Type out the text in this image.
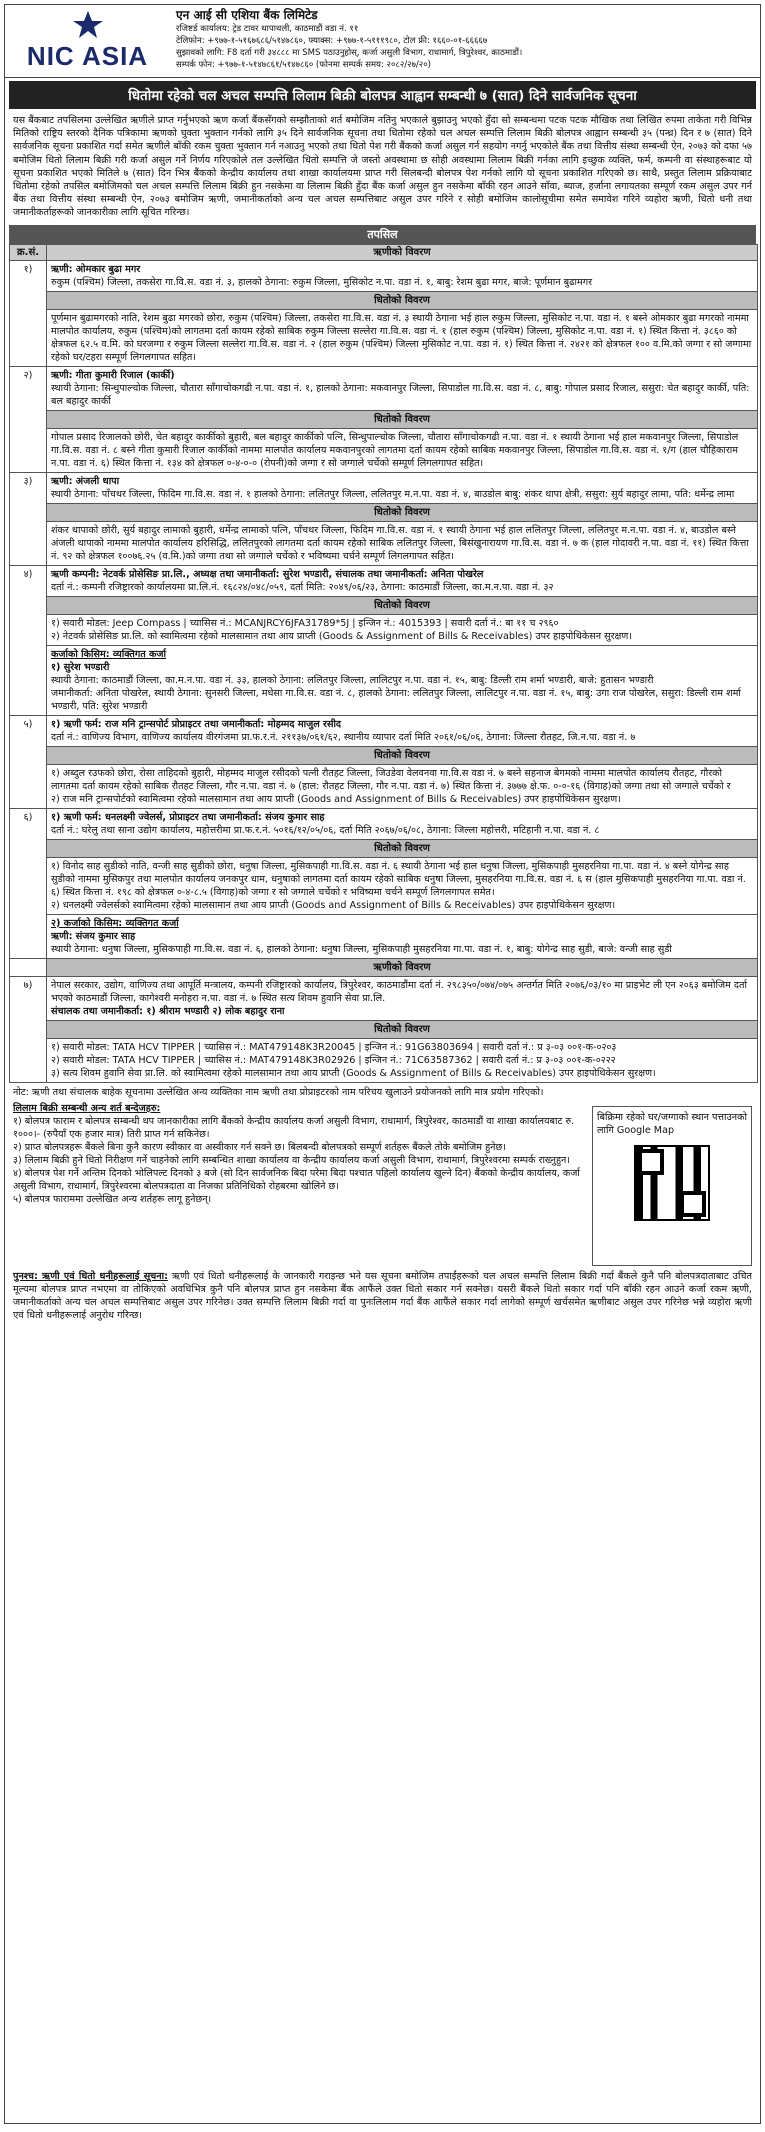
NIC ASIA
एन आई सी एशिया बैंक लिमिटेड
रजिष्टर्ड कार्यालय: ट्रेड टावर थापाथली, काठमाडौं वडा नं. ११
टेलिफोन: +९७७-१-५१६७६८६/५१४७८६०, फ्याक्स: +९७७-१-५१११९८०, टोल फ्री: १६६०-०१-६६६६७
सुझावको लागि: F8 दर्ता गरी ३४८८८ मा SMS पठाउनुहोस्, कर्जा असुली विभाग, राधामार्ग, त्रिपुरेश्वर, काठमाडौं।
सम्पर्क फोन: +९७७-१-५१४७८६१/५१४७८६० (फोनमा सम्पर्क समय: २०८२/२७/२०)
धितोमा रहेको चल अचल सम्पत्ति लिलाम बिक्री बोलपत्र आह्वान सम्बन्धी ७ (सात) दिने सार्वजनिक सूचना
यस बैंकबाट तपसिलमा उल्लेखित ऋणीले प्राप्त गर्नुभएको ऋण कर्जा बैंकसँगको सम्झौताको शर्त बमोजिम नतिनु भएकाले बुझाउनु भएको हुँदा सो सम्बन्धमा पटक पटक मौखिक तथा लिखित रुपमा ताकेता गरी विभिन्न मितिको राष्ट्रिय स्तरको दैनिक पत्रिकामा ऋणको चुक्ता भुक्तान गर्नको लागि ३५ दिने सार्वजनिक सूचना तथा धितोमा रहेको चल अचल सम्पत्ति लिलाम बिक्री बोलपत्र आह्वान सम्बन्धी ३५ (पन्ध्र) दिन र ७ (सात) दिने सार्वजनिक सूचना प्रकाशित गर्दा समेत ऋणीले बाँकी रकम चुक्ता भुक्तान गर्न नआउनु भएको तथा धितो पेश गरी बैंकको कर्जा असुल गर्न सहयोग नगर्नु भएकोले बैंक तथा वित्तीय संस्था सम्बन्धी ऐन, २०७३ को दफा ५७ बमोजिम धितो लिलाम बिक्री गरी कर्जा असुल गर्ने निर्णय गरिएकोले तल उल्लेखित धितो सम्पत्ति जे जस्तो अवस्थामा छ सोही अवस्थामा लिलाम बिक्री गर्नका लागि इच्छुक व्यक्ति, फर्म, कम्पनी वा संस्थाहरूबाट यो सूचना प्रकाशित भएको मितिले ७ (सात) दिन भित्र बैंकको केन्द्रीय कार्यालय तथा शाखा कार्यालयमा प्राप्त गरी सिलबन्दी बोलपत्र पेश गर्नको लागि यो सूचना प्रकाशित गरिएको छ। साथै, प्रस्तुत लिलाम प्रक्रियाबाट धितोमा रहेको तपसिल बमोजिमको चल अचल सम्पत्ति लिलाम बिक्री हुन नसकेमा वा लिलाम बिक्री हुँदा बैंक कर्जा असुल हुन नसकेमा बाँकी रहन आउने साँवा, ब्याज, हर्जाना लगायतका सम्पूर्ण रकम असुल उपर गर्न बैंक तथा वित्तीय संस्था सम्बन्धी ऐन, २०७३ बमोजिम ऋणी, जमानीकर्ताको अन्य चल अचल सम्पत्तिबाट असुल उपर गरिने र सोही बमोजिम कालोसूचीमा समेत समावेश गरिने व्यहोरा ऋणी, धितो धनी तथा जमानीकर्ताहरूको जानकारीका लागि सूचित गरिन्छ।
तपसिल
क्र.सं.	ऋणीको विवरण
१)	ऋणी: ओमकार बुढा मगर
रुकुम (पश्चिम) जिल्ला, तकसेरा गा.वि.स. वडा नं. ३, हालको ठेगाना: रुकुम जिल्ला, मुसिकोट न.पा. वडा नं. १, बाबु: रेशम बुढा मगर, बाजे: पूर्णमान बुढामगर
	धितोको विवरण
	पूर्णमान बुढामगरको नाति, रेशम बुढा मगरको छोरा, रुकुम (पश्चिम) जिल्ला, तकसेरा गा.वि.स. वडा नं. ३ स्थायी ठेगाना भई हाल रुकुम जिल्ला, मुसिकोट न.पा. वडा नं. १ बस्ने ओमकार बुढा मगरको नाममा मालपोत कार्यालय, रुकुम (पश्चिम)को लागतमा दर्ता कायम रहेको साबिक रुकुम जिल्ला सल्लेरा गा.वि.स. वडा नं. १ (हाल रुकुम (पश्चिम) जिल्ला, मुसिकोट न.पा. वडा नं. १) स्थित कित्ता नं. ३८६० को क्षेत्रफल ६२.५ व.मि. को घरजग्गा र रुकुम जिल्ला सल्लेरा गा.वि.स. वडा नं. २ (हाल रुकुम (पश्चिम) जिल्ला मुसिकोट न.पा. वडा नं. १) स्थित कित्ता नं. २४२१ को क्षेत्रफल १०० व.मि.को जग्गा र सो जग्गामा रहेको घर/टहरा सम्पूर्ण लिगलगापत सहित।
२)	ऋणी: गीता कुमारी रिजाल (कार्की)
स्थायी ठेगाना: सिन्धुपाल्चोक जिल्ला, चौतारा साँगाचोकगढी न.पा. वडा नं. १, हालको ठेगाना: मकवानपुर जिल्ला, सिपाडोल गा.वि.स. वडा नं. ८, बाबु: गोपाल प्रसाद रिजाल, ससुरा: चेत बहादुर कार्की, पति: बल बहादुर कार्की
	धितोको विवरण
	गोपाल प्रसाद रिजालको छोरी, चेत बहादुर कार्कीको बुहारी, बल बहादुर कार्कीको पत्नि, सिन्धुपाल्चोक जिल्ला, चौतारा साँगाचोकगढी न.पा. वडा नं. १ स्थायी ठेगाना भई हाल मकवानपुर जिल्ला, सिपाडोल गा.वि.स. वडा नं. ८ बस्ने गीता कुमारी रिजाल कार्कीको नाममा मालपोत कार्यालय मकवानपुरको लागतमा दर्ता कायम रहेको साबिक मकवानपुर जिल्ला, सिपाडोल गा.वि.स. वडा नं. १/ग (हाल चौहिकाराम न.पा. वडा नं. ६) स्थित कित्ता नं. १३४ को क्षेत्रफल ०-४-०-० (रोपनी)को जग्गा र सो जग्गाले चर्चेको सम्पूर्ण लिगलगापत सहित।
३)	ऋणी: अंजली थापा
स्थायी ठेगाना: पाँचथर जिल्ला, फिदिम गा.वि.स. वडा नं. १ हालको ठेगाना: ललितपुर जिल्ला, ललितपुर म.न.पा. वडा नं. ४, बाउडोल बाबु: शंकर थापा क्षेत्री, ससुरा: सुर्य बहादुर लामा, पति: धर्मेन्द्र लामा
	धितोको विवरण
	शंकर थापाको छोरी, सुर्य बहादुर लामाको बुहारी, धर्मेन्द्र लामाको पत्नि, पाँचथर जिल्ला, फिदिम गा.वि.स. वडा नं. १ स्थायी ठेगाना भई हाल ललितपुर जिल्ला, ललितपुर म.न.पा. वडा नं. ४, बाउडोल बस्ने अंजली थापाको नाममा मालपोत कार्यालय हरिसिद्धि, ललितपुरको लागतमा दर्ता कायम रहेको साबिक ललितपुर जिल्ला, बिसंखुनारायण गा.वि.स. वडा नं. ७ क (हाल गोदावरी न.पा. वडा नं. ११) स्थित कित्ता नं. ९२ को क्षेत्रफल १००७६.२५ (व.मि.)को जग्गा तथा सो जग्गाले चर्चेको र भविष्यमा चर्चने सम्पूर्ण लिगलगापत सहित।
४)	ऋणी कम्पनी: नेटवर्क प्रोसेसिङ प्रा.लि., अध्यक्ष तथा जमानीकर्ता: सुरेश भण्डारी, संचालक तथा जमानीकर्ता: अनिता पोखरेल
दर्ता नं.: कम्पनी रजिष्ट्रारको कार्यालयमा प्रा.लि.नं. १६८२४/०४८/०५९, दर्ता मिति: २०४९/०६/२३, ठेगाना: काठमाडौं जिल्ला, का.म.न.पा. वडा नं. ३२
	धितोको विवरण

	१) सवारी मोडल: Jeep Compass | च्यासिस नं.: MCANJRCY6JFA31789*5J | इन्जिन नं.: 4015393 | सवारी दर्ता नं.: बा ११ च २९६०
२) नेटवर्क प्रोसेसिङ प्रा.लि. को स्वामित्वमा रहेको मालसामान तथा आय प्राप्ती (Goods & Assignment of Bills & Receivables) उपर हाइपोथिकेसन सुरक्षण।

	कर्जाको किसिम: व्यक्तिगत कर्जा
१) सुरेश भण्डारी
स्थायी ठेगाना: काठमाडौं जिल्ला, का.म.न.पा. वडा नं. ३३, हालको ठेगाना: ललितपुर जिल्ला, लालिटपुर न.पा. वडा नं. १५, बाबु: डिल्ली राम शर्मा भण्डारी, बाजे: हुतासन भण्डारी
जमानीकर्ता: अनिता पोखरेल, स्थायी ठेगाना: सुनसरी जिल्ला, मधेसा गा.वि.स. वडा नं. ८, हालको ठेगाना: ललितपुर जिल्ला, लालिटपुर न.पा. वडा नं. १५, बाबु: उगा राज पोखरेल, ससुरा: डिल्ली राम शर्मा भण्डारी, पति: सुरेश भण्डारी

५)	१) ऋणी फर्म: राज मनि ट्रान्सपोर्ट प्रोप्राइटर तथा जमानीकर्ता: मोहम्मद माजुल रसीद
दर्ता नं.: वाणिज्य विभाग, वाणिज्य कार्यालय वीरगंजमा प्रा.फ.र.नं. २११३७/०६१/६२, स्थानीय व्यापार दर्ता मिति २०६१/०६/०६, ठेगाना: जिल्ला रौतहट, जि.न.पा. वडा नं. ७
	धितोको विवरण

	१) अब्दुल रउफको छोरा, रोसा ताहिदको बुहारी, मोहम्मद माजुल रसीदको पत्नी रौतहट जिल्ला, जिउडेवा वेलवनवा गा.वि.स वडा नं. ७ बस्ने सहनाज बेगमको नाममा मालपोत कार्यालय रौतहट, गौरको लागतमा दर्ता कायम रहेको साबिक रौतहट जिल्ला, गौर न.पा. वडा नं. ७ (हाल: रौतहट जिल्ला, गौर न.पा. वडा नं. ७) स्थित कित्ता नं. ३७७७ क्षे.फ. ०-०-१६ (विगाह)को जग्गा तथा सो जग्गाले चर्चेको र
२) राज मनि ट्रान्सपोर्टको स्वामित्वमा रहेको मालसामान तथा आय प्राप्ती (Goods and Assignment of Bills & Receivables) उपर हाइपोथिकेसन सुरक्षण।

६)	१) ऋणी फर्म: धनलक्ष्मी ज्वेलर्स, प्रोप्राइटर तथा जमानीकर्ता: संजय कुमार साह
दर्ता नं.: घरेलु तथा साना उद्योग कार्यालय, महोत्तरीमा प्रा.फ.र.नं. ५०१६/१२/०५/०६, दर्ता मिति २०६७/०६/०८, ठेगाना: जिल्ला महोत्तरी, मटिहानी न.पा. वडा नं. ८
	धितोको विवरण

	१) विनोद साह सुडीको नाति, वन्जी साह सुडीको छोरा, धनुषा जिल्ला, मुसिकपाही गा.वि.स. वडा नं. ६ स्थायी ठेगाना भई हाल धनुषा जिल्ला, मुसिकपाही मुसहरनिया गा.पा. वडा नं. ४ बस्ने योगेन्द्र साह सुडीको नाममा मुसिकपुर तथा मालपोत कार्यालय जनकपुर धाम, धनुषाको लागतमा दर्ता कायम रहेको साबिक धनुषा जिल्ला, मुसहरनिया गा.वि.स. वडा नं. ६ स (हाल मुसिकपाही मुसहरनिया गा.पा. वडा नं. ६) स्थित कित्ता नं. १९८ को क्षेत्रफल ०-४-८.५ (विगाह)को जग्गा र सो जग्गाले चर्चेको र भविष्यमा चर्चने सम्पूर्ण लिगलगापत समेत।
२) धनलक्ष्मी ज्वेलर्सको स्वामित्वमा रहेको मालसामान तथा आय प्राप्ती (Goods and Assignment of Bills & Receivables) उपर हाइपोथिकेसन सुरक्षण।

	२) कर्जाको किसिम: व्यक्तिगत कर्जा
ऋणी: संजय कुमार साह
स्थायी ठेगाना: धनुषा जिल्ला, मुसिकपाही गा.वि.स. वडा नं. ६, हालको ठेगाना: धनुषा जिल्ला, मुसिकपाही मुसहरनिया गा.पा. वडा नं. १, बाबु: योगेन्द्र साह सुडी, बाजे: वन्जी साह सुडी

	ऋणीको विवरण
७)	नेपाल सरकार, उद्योग, वाणिज्य तथा आपूर्ति मन्त्रालय, कम्पनी रजिष्ट्रारको कार्यालय, त्रिपुरेश्वर, काठमाडौंमा दर्ता नं. २९८३५०/०७४/०७५ अन्तर्गत मिति २०७६/०३/१० मा प्राइभेट ली एन २०६३ बमोजिम दर्ता भएको काठमाडौं जिल्ला, कागेश्वरी मनोहरा न.पा. वडा नं. ७ स्थित सत्य शिवम हुवानि सेवा प्रा.लि.
संचालक तथा जमानीकर्ता: १) श्रीराम भण्डारी २) लोक बहादुर राना
	धितोको विवरण

	१) सवारी मोडल: TATA HCV TIPPER | च्यासिस नं.: MAT479148K3R20045 | इन्जिन नं.: 91G63803694 | सवारी दर्ता नं.: प्र ३-०३ ००१-क-०२०३
२) सवारी मोडल: TATA HCV TIPPER | च्यासिस नं.: MAT479148K3R02926 | इन्जिन नं.: 71C63587362 | सवारी दर्ता नं.: प्र ३-०३ ००१-क-०२२२
३) सत्य शिवम हुवानि सेवा प्रा.लि. को स्वामित्वमा रहेको मालसामान तथा आय प्राप्ती (Goods & Assignment of Bills & Receivables) उपर हाइपोथिकेसन सुरक्षण।
नोट: ऋणी तथा संचालक बाहेक सूचनामा उल्लेखित अन्य व्यक्तिका नाम ऋणी तथा प्रोप्राइटरको नाम परिचय खुलाउने प्रयोजनको लागि मात्र प्रयोग गरिएको।
लिलाम बिक्री सम्बन्धी अन्य शर्त बन्देजहरु:
१) बोलपत्र फाराम र बोलपत्र सम्बन्धी थप जानकारीका लागि बैंकको केन्द्रीय कार्यालय कर्जा असुली विभाग, राधामार्ग, त्रिपुरेश्वर, काठमाडौं वा शाखा कार्यालयबाट रु. १०००।- (रुपैयाँ एक हजार मात्र) तिरी प्राप्त गर्न सकिनेछ।
२) प्राप्त बोलपत्रहरू बैंकले बिना कुनै कारण स्वीकार वा अस्वीकार गर्न सक्ने छ। बिलबन्दी बोलपत्रको सम्पूर्ण शर्तहरू बैंकले तोके बमोजिम हुनेछ।
३) लिलाम बिक्री हुने धितो निरीक्षण गर्ने चाहनेको लागि सम्बन्धित शाखा कार्यालय वा केन्द्रीय कार्यालय कर्जा असुली विभाग, राधामार्ग, त्रिपुरेश्वरमा सम्पर्क राख्नुहुन।
४) बोलपत्र पेश गर्ने अन्तिम दिनको भोलिपल्ट दिनको ३ बजे (सो दिन सार्वजनिक बिदा परेमा बिदा पश्चात पहिलो कार्यालय खुल्ने दिन) बैंकको केन्द्रीय कार्यालय, कर्जा असुली विभाग, राधामार्ग, त्रिपुरेश्वरमा बोलपत्रदाता वा निजका प्रतिनिधिको रोहबरमा खोलिने छ।
५) बोलपत्र फाराममा उल्लेखित अन्य शर्तहरू लागू हुनेछन्।
बिक्रिमा रहेको घर/जग्गाको स्थान पत्ताउनको लागि Google Map
पुनश्च: ऋणी एवं धितो धनीहरूलाई सूचना: ऋणी एवं धितो धनीहरूलाई के जानकारी गराइन्छ भने यस सूचना बमोजिम तपाईंहरूको चल अचल सम्पत्ति लिलाम बिक्री गर्दा बैंकले कुनै पनि बोलपत्रदाताबाट उचित मूल्यमा बोलपत्र प्राप्त नभएमा वा तोकिएको अवधिभित्र कुनै पनि बोलपत्र प्राप्त हुन नसकेमा बैंक आफैंले उक्त धितो सकार गर्न सक्नेछ। यसरी बैंकले धितो सकार गर्दा पनि बाँकी रहन आउने कर्जा रकम ऋणी, जमानीकर्ताको अन्य चल अचल सम्पत्तिबाट असुल उपर गरिनेछ। उक्त सम्पत्ति लिलाम बिक्री गर्दा वा पुनःलिलाम गर्दा बैंक आफैंले सकार गर्दा लागेको सम्पूर्ण खर्चसमेत ऋणीबाट असुल उपर गरिनेछ भन्ने व्यहोरा ऋणी एवं धितो धनीहरूलाई अनुरोध गरिन्छ।
